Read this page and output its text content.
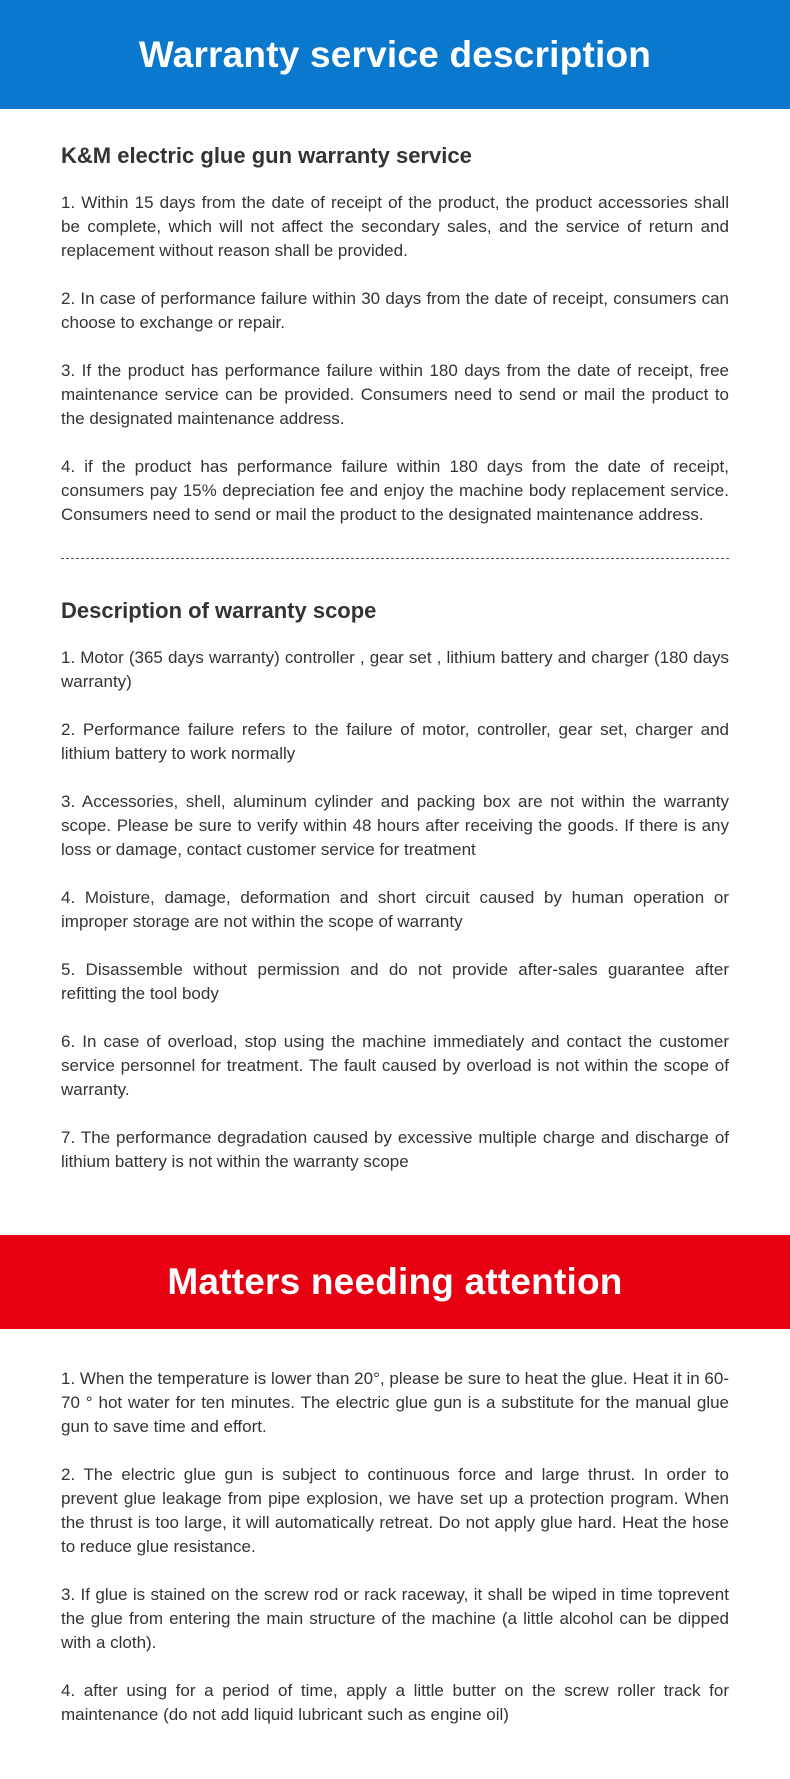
Warranty service description
K&M electric glue gun warranty service

1. Within 15 days from the date of receipt of the product, the product accessories shall be complete, which will not affect the secondary sales, and the service of return and replacement without reason shall be provided.

2. In case of performance failure within 30 days from the date of receipt, consumers can choose to exchange or repair.

3. If the product has performance failure within 180 days from the date of receipt, free maintenance service can be provided. Consumers need to send or mail the product to the designated maintenance address.

4. if the product has performance failure within 180 days from the date of receipt, consumers pay 15% depreciation fee and enjoy the machine body replacement service. Consumers need to send or mail the product to the designated maintenance address.

Description of warranty scope

1. Motor (365 days warranty) controller , gear set , lithium battery and charger (180 days warranty)

2. Performance failure refers to the failure of motor, controller, gear set, charger and lithium battery to work normally

3. Accessories, shell, aluminum cylinder and packing box are not within the warranty scope. Please be sure to verify within 48 hours after receiving the goods. If there is any loss or damage, contact customer service for treatment

4. Moisture, damage, deformation and short circuit caused by human operation or improper storage are not within the scope of warranty

5. Disassemble without permission and do not provide after-sales guarantee after refitting the tool body

6. In case of overload, stop using the machine immediately and contact the customer service personnel for treatment. The fault caused by overload is not within the scope of warranty.

7. The performance degradation caused by excessive multiple charge and discharge of lithium battery is not within the warranty scope

Matters needing attention

1. When the temperature is lower than 20°, please be sure to heat the glue. Heat it in 60-70 ° hot water for ten minutes. The electric glue gun is a substitute for the manual glue gun to save time and effort.

2. The electric glue gun is subject to continuous force and large thrust. In order to prevent glue leakage from pipe explosion, we have set up a protection program. When the thrust is too large, it will automatically retreat. Do not apply glue hard. Heat the hose to reduce glue resistance.

3. If glue is stained on the screw rod or rack raceway, it shall be wiped in time toprevent the glue from entering the main structure of the machine (a little alcohol can be dipped with a cloth).

4. after using for a period of time, apply a little butter on the screw roller track for maintenance (do not add liquid lubricant such as engine oil)
